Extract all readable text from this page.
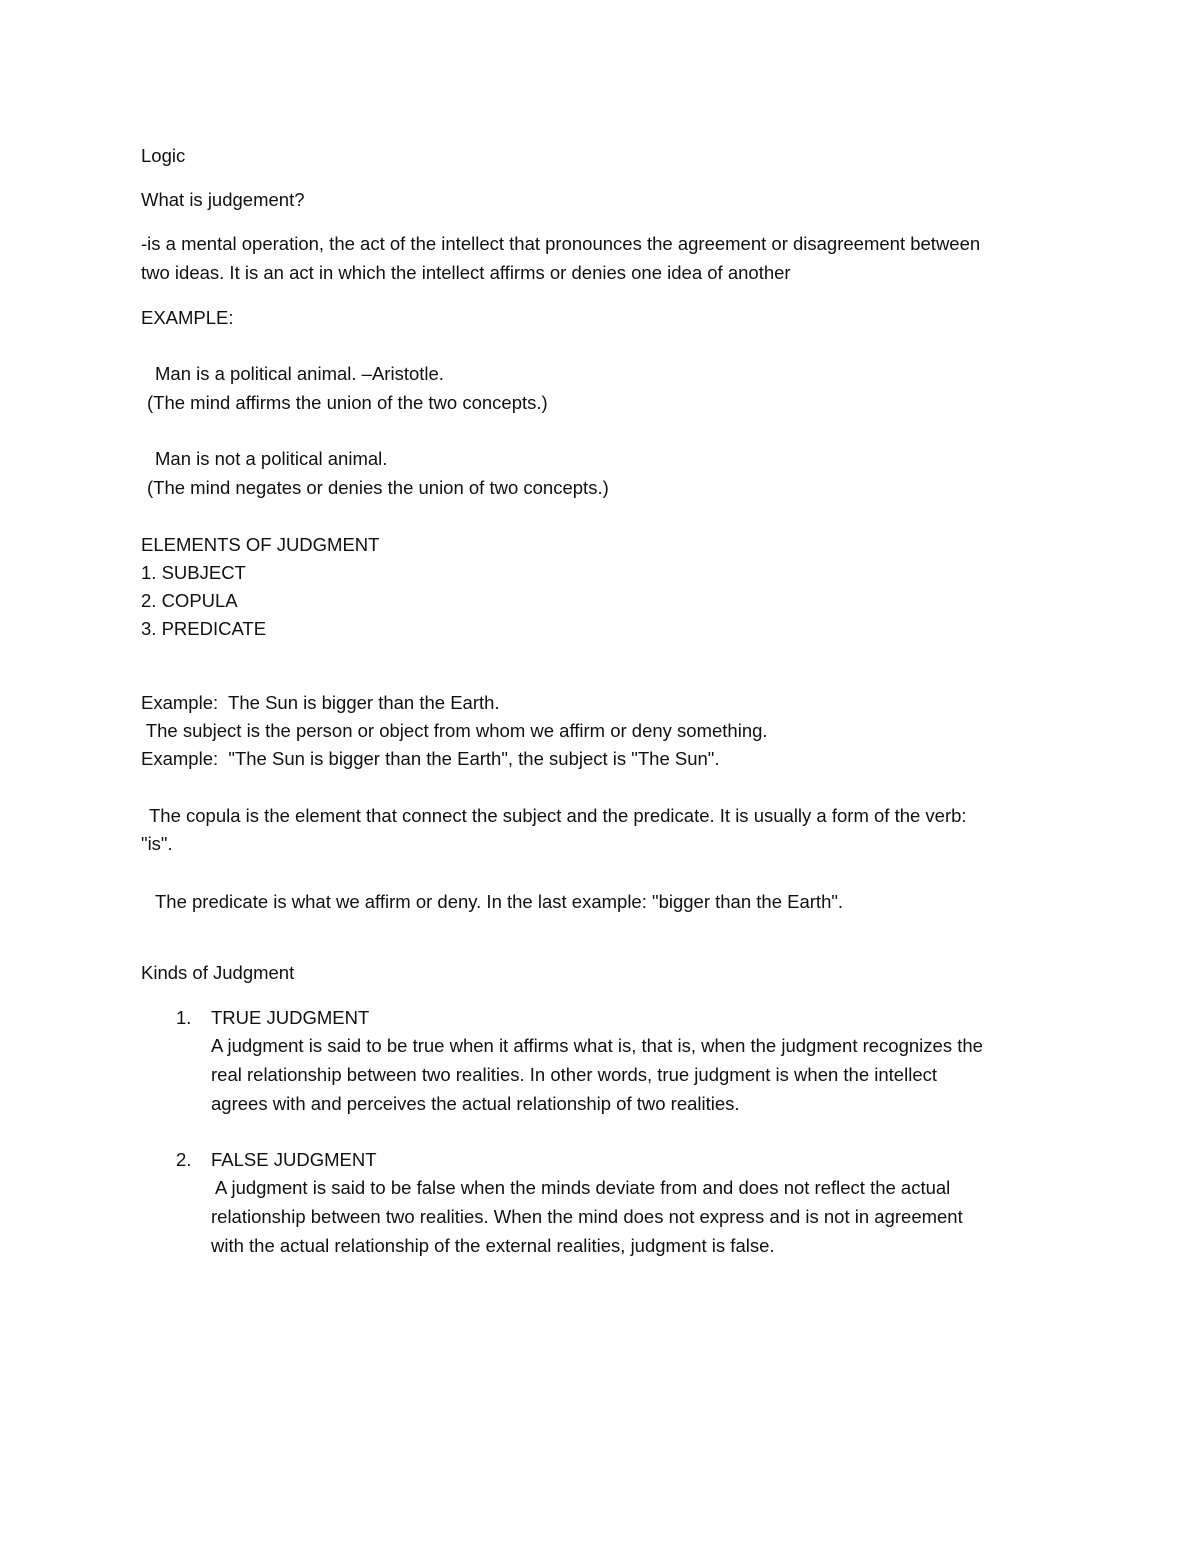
Logic
What is judgement?
-is a mental operation, the act of the intellect that pronounces the agreement or disagreement between
two ideas. It is an act in which the intellect affirms or denies one idea of another
EXAMPLE:
Man is a political animal. –Aristotle.
(The mind affirms the union of the two concepts.)
Man is not a political animal.
(The mind negates or denies the union of two concepts.)
ELEMENTS OF JUDGMENT
1. SUBJECT
2. COPULA
3. PREDICATE
Example:  The Sun is bigger than the Earth.
The subject is the person or object from whom we affirm or deny something.
Example:  "The Sun is bigger than the Earth", the subject is "The Sun".
The copula is the element that connect the subject and the predicate. It is usually a form of the verb:
"is".
The predicate is what we affirm or deny. In the last example: "bigger than the Earth".
Kinds of Judgment
1. TRUE JUDGMENT
A judgment is said to be true when it affirms what is, that is, when the judgment recognizes the
real relationship between two realities. In other words, true judgment is when the intellect
agrees with and perceives the actual relationship of two realities.
2. FALSE JUDGMENT
A judgment is said to be false when the minds deviate from and does not reflect the actual
relationship between two realities. When the mind does not express and is not in agreement
with the actual relationship of the external realities, judgment is false.
